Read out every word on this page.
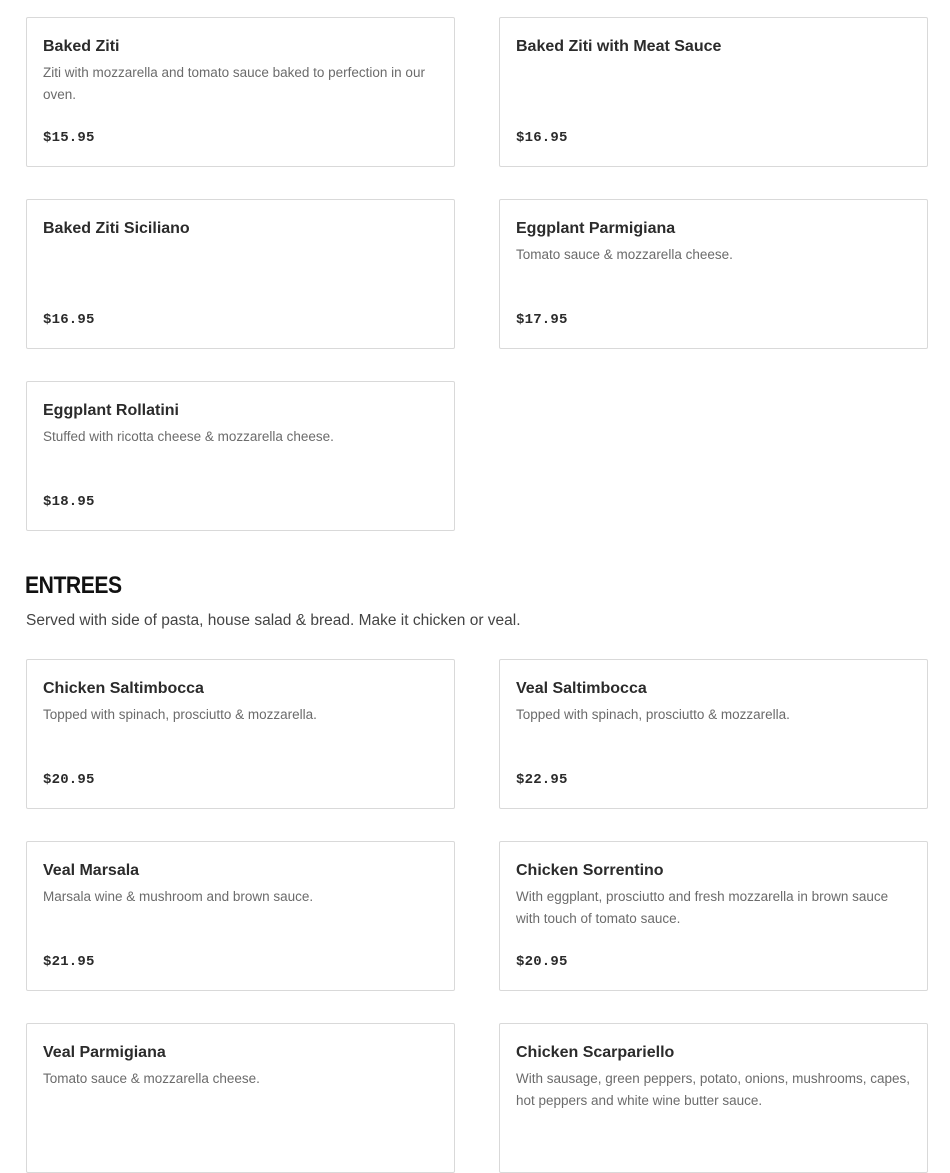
Baked Ziti
Ziti with mozzarella and tomato sauce baked to perfection in our oven.
$15.95
Baked Ziti with Meat Sauce
$16.95
Baked Ziti Siciliano
$16.95
Eggplant Parmigiana
Tomato sauce & mozzarella cheese.
$17.95
Eggplant Rollatini
Stuffed with ricotta cheese & mozzarella cheese.
$18.95
ENTREES

Served with side of pasta, house salad & bread. Make it chicken or veal.

Chicken Saltimbocca
Topped with spinach, prosciutto & mozzarella.
$20.95
Veal Saltimbocca
Topped with spinach, prosciutto & mozzarella.
$22.95
Veal Marsala
Marsala wine & mushroom and brown sauce.
$21.95
Chicken Sorrentino
With eggplant, prosciutto and fresh mozzarella in brown sauce with touch of tomato sauce.
$20.95
Veal Parmigiana
Tomato sauce & mozzarella cheese.
Chicken Scarpariello
With sausage, green peppers, potato, onions, mushrooms, capes, hot peppers and white wine butter sauce.
